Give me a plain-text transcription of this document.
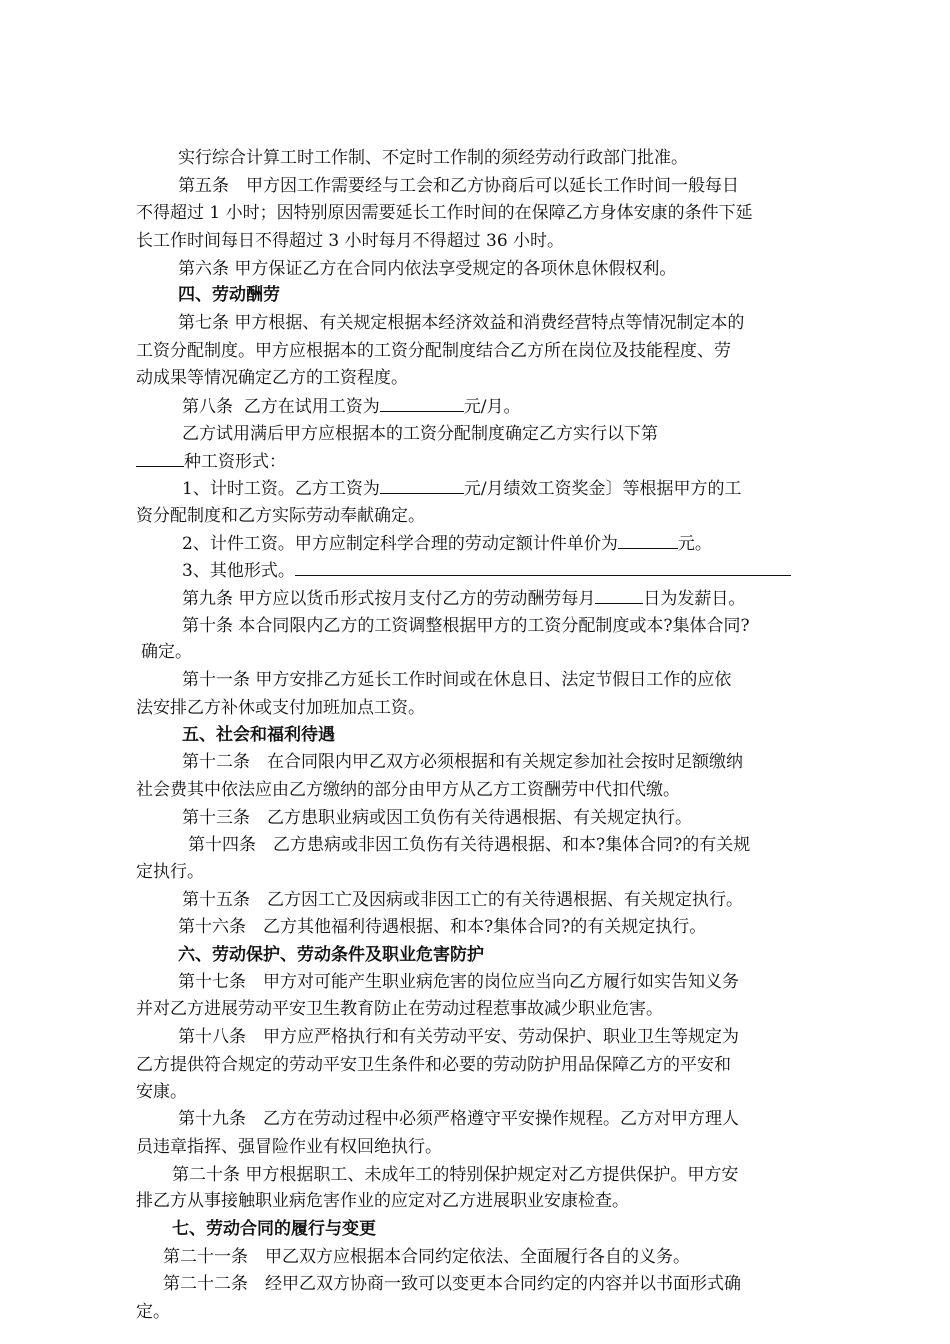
实行综合计算工时工作制、不定时工作制的须经劳动行政部门批准。
第五条　甲方因工作需要经与工会和乙方协商后可以延长工作时间一般每日
不得超过 1 小时；因特别原因需要延长工作时间的在保障乙方身体安康的条件下延
长工作时间每日不得超过 3 小时每月不得超过 36 小时。
第六条 甲方保证乙方在合同内依法享受规定的各项休息休假权利。
四、劳动酬劳
第七条 甲方根据、有关规定根据本经济效益和消费经营特点等情况制定本的
工资分配制度。甲方应根据本的工资分配制度结合乙方所在岗位及技能程度、劳
动成果等情况确定乙方的工资程度。
第八条  乙方在试用工资为	元/月。
乙方试用满后甲方应根据本的工资分配制度确定乙方实行以下第
种工资形式：
1、计时工资。乙方工资为	元/月绩效工资奖金〕等根据甲方的工
资分配制度和乙方实际劳动奉献确定。
2、计件工资。甲方应制定科学合理的劳动定额计件单价为	元。
3、其他形式。
第九条 甲方应以货币形式按月支付乙方的劳动酬劳每月	日为发薪日。
第十条 本合同限内乙方的工资调整根据甲方的工资分配制度或本?集体合同?
确定。
第十一条 甲方安排乙方延长工作时间或在休息日、法定节假日工作的应依
法安排乙方补休或支付加班加点工资。
五、社会和福利待遇
第十二条　在合同限内甲乙双方必须根据和有关规定参加社会按时足额缴纳
社会费其中依法应由乙方缴纳的部分由甲方从乙方工资酬劳中代扣代缴。
第十三条　乙方患职业病或因工负伤有关待遇根据、有关规定执行。
第十四条　乙方患病或非因工负伤有关待遇根据、和本?集体合同?的有关规
定执行。
第十五条　乙方因工亡及因病或非因工亡的有关待遇根据、有关规定执行。
第十六条　乙方其他福利待遇根据、和本?集体合同?的有关规定执行。
六、劳动保护、劳动条件及职业危害防护
第十七条　甲方对可能产生职业病危害的岗位应当向乙方履行如实告知义务
并对乙方进展劳动平安卫生教育防止在劳动过程惹事故减少职业危害。
第十八条　甲方应严格执行和有关劳动平安、劳动保护、职业卫生等规定为
乙方提供符合规定的劳动平安卫生条件和必要的劳动防护用品保障乙方的平安和
安康。
第十九条　乙方在劳动过程中必须严格遵守平安操作规程。乙方对甲方理人
员违章指挥、强冒险作业有权回绝执行。
第二十条 甲方根据职工、未成年工的特别保护规定对乙方提供保护。甲方安
排乙方从事接触职业病危害作业的应定对乙方进展职业安康检查。
七、劳动合同的履行与变更
第二十一条　甲乙双方应根据本合同约定依法、全面履行各自的义务。
第二十二条　经甲乙双方协商一致可以变更本合同约定的内容并以书面形式确
定。
